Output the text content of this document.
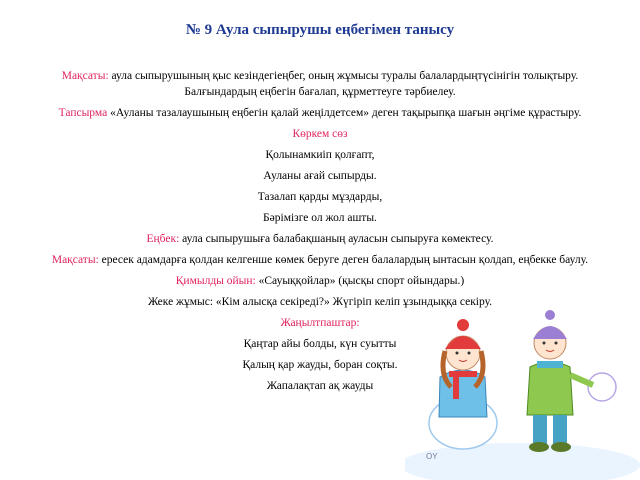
№ 9 Аула сыпырушы еңбегімен танысу
Мақсаты: аула сыпырушының қыс кезіндегіеңбег, оның жұмысы туралы балалардыңтүсінігін толықтыру. Балғындардың еңбегін бағалап, құрметтеуге тәрбиелеу.
Тапсырма «Ауланы тазалаушының еңбегін қалай жеңілдетсем» деген тақырыпқа шағын әңгіме құрастыру.
Көркем сөз
Қолынамкиіп қолғапт,
Ауланы ағай сыпырды.
Тазалап қарды мұздарды,
Бәрімізге ол жол ашты.
Еңбек: аула сыпырушыға балабақшаның ауласын сыпыруға көмектесу.
Мақсаты: ересек адамдарға қолдан келгенше көмек беруге деген балалардың ынтасын қолдап, еңбекке баулу.
Қимылды ойын: «Сауыққойлар» (қысқы спорт ойындары.)
Жеке жұмыс: «Кім алысқа секіреді?» Жүгіріп келіп ұзындыққа секіру.
Жаңылтпаштар:
Қаңтар айы болды, күн суытты
Қалың қар жауды, боран соқты.
Жапалақтап ақ жауды
OY
